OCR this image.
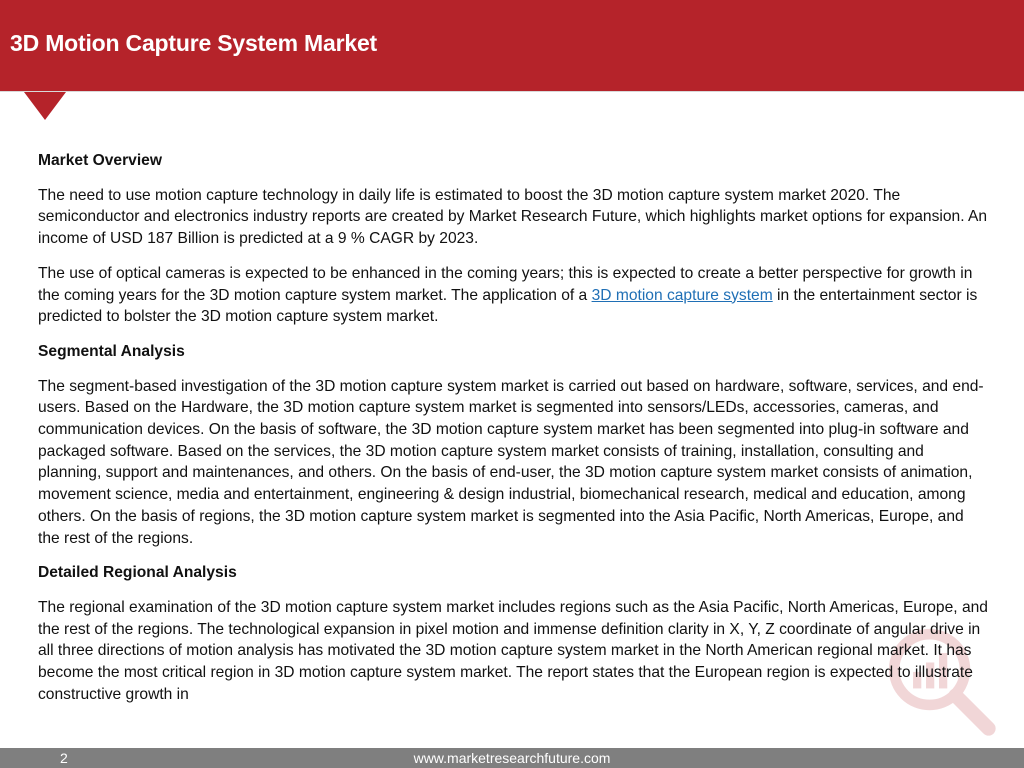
3D Motion Capture System Market

Market Overview

The need to use motion capture technology in daily life is estimated to boost the 3D motion capture system market 2020. The semiconductor and electronics industry reports are created by Market Research Future, which highlights market options for expansion. An income of USD 187 Billion is predicted at a 9 % CAGR by 2023.

The use of optical cameras is expected to be enhanced in the coming years; this is expected to create a better perspective for growth in the coming years for the 3D motion capture system market. The application of a 3D motion capture system in the entertainment sector is predicted to bolster the 3D motion capture system market.

Segmental Analysis

The segment-based investigation of the 3D motion capture system market is carried out based on hardware, software, services, and end-users. Based on the Hardware, the 3D motion capture system market is segmented into sensors/LEDs, accessories, cameras, and communication devices. On the basis of software, the 3D motion capture system market has been segmented into plug-in software and packaged software. Based on the services, the 3D motion capture system market consists of training, installation, consulting and planning, support and maintenances, and others. On the basis of end-user, the 3D motion capture system market consists of animation, movement science, media and entertainment, engineering & design industrial, biomechanical research, medical and education, among others. On the basis of regions, the 3D motion capture system market is segmented into the Asia Pacific, North Americas, Europe, and the rest of the regions.

Detailed Regional Analysis

The regional examination of the 3D motion capture system market includes regions such as the Asia Pacific, North Americas, Europe, and the rest of the regions. The technological expansion in pixel motion and immense definition clarity in X, Y, Z coordinate of angular drive in all three directions of motion analysis has motivated the 3D motion capture system market in the North American regional market. It has become the most critical region in 3D motion capture system market. The report states that the European region is expected to illustrate constructive growth in

www.marketresearchfuture.com
2
